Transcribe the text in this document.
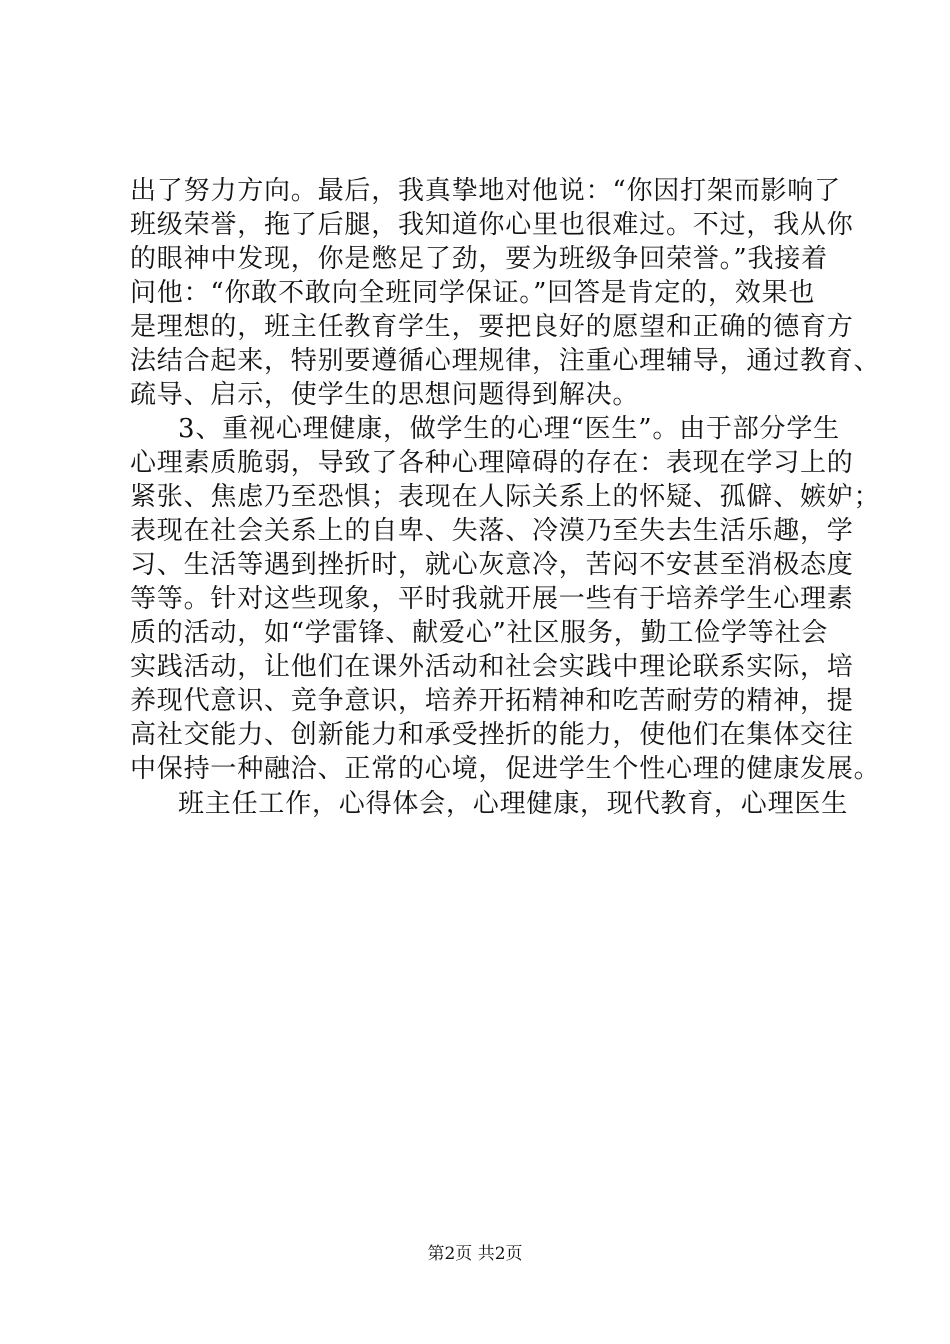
出了努力方向。最后，我真挚地对他说：“你因打架而影响了
班级荣誉，拖了后腿，我知道你心里也很难过。不过，我从你
的眼神中发现，你是憋足了劲，要为班级争回荣誉。”我接着
问他：“你敢不敢向全班同学保证。”回答是肯定的，效果也
是理想的，班主任教育学生，要把良好的愿望和正确的德育方
法结合起来，特别要遵循心理规律，注重心理辅导，通过教育、
疏导、启示，使学生的思想问题得到解决。
3、重视心理健康，做学生的心理“医生”。由于部分学生
心理素质脆弱，导致了各种心理障碍的存在：表现在学习上的
紧张、焦虑乃至恐惧；表现在人际关系上的怀疑、孤僻、嫉妒；
表现在社会关系上的自卑、失落、冷漠乃至失去生活乐趣，学
习、生活等遇到挫折时，就心灰意冷，苦闷不安甚至消极态度
等等。针对这些现象，平时我就开展一些有于培养学生心理素
质的活动，如“学雷锋、献爱心”社区服务，勤工俭学等社会
实践活动，让他们在课外活动和社会实践中理论联系实际，培
养现代意识、竞争意识，培养开拓精神和吃苦耐劳的精神，提
高社交能力、创新能力和承受挫折的能力，使他们在集体交往
中保持一种融洽、正常的心境，促进学生个性心理的健康发展。
班主任工作，心得体会，心理健康，现代教育，心理医生
第2页 共2页
